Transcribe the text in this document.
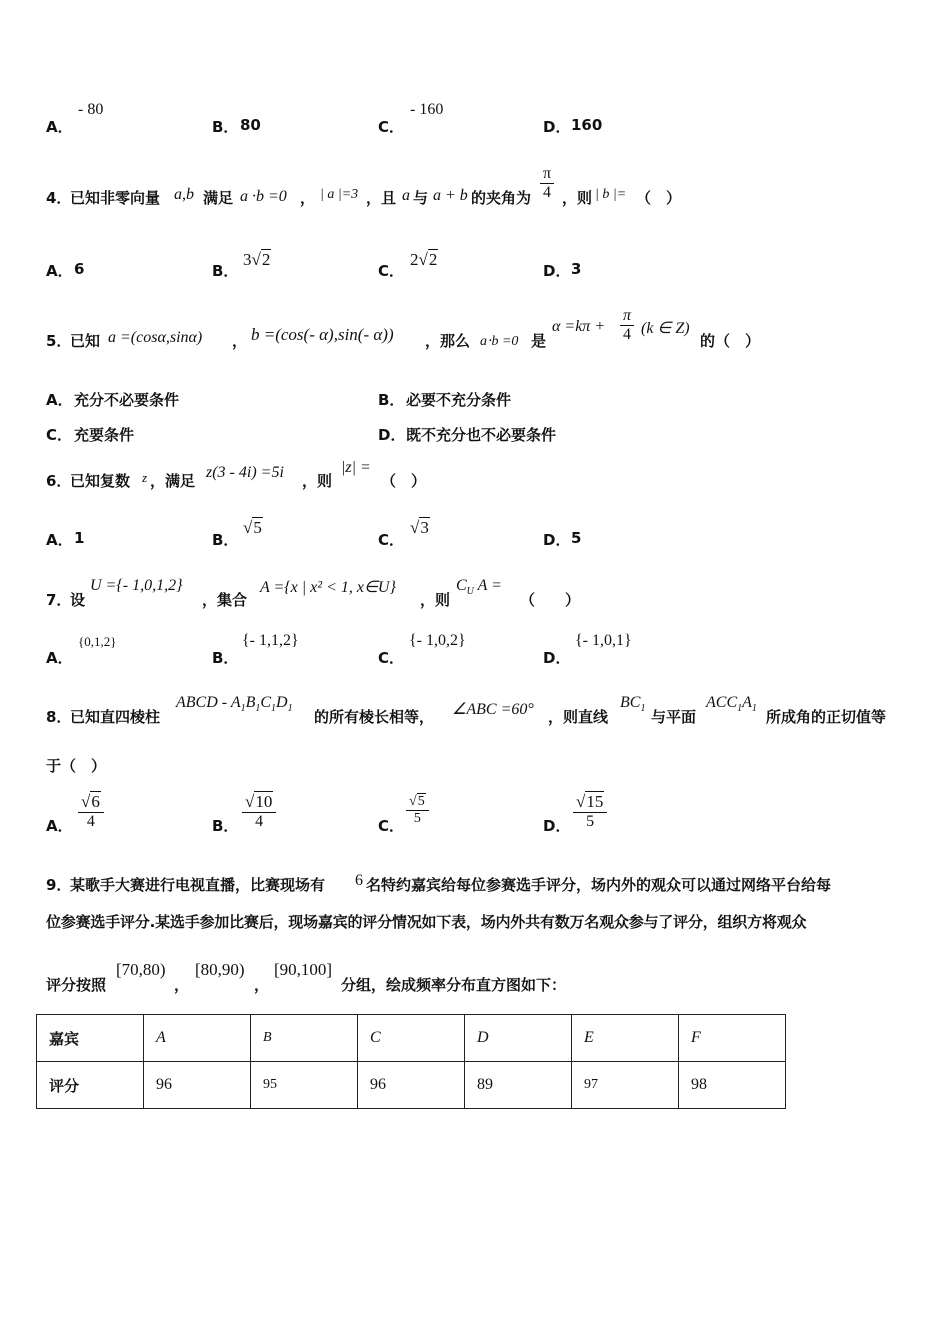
A．
- 80
B． 80	C．
- 160
D． 160
4．
已知非零向量 a,b 满足 a ·b =0 ， | a |=3 ，且 a 与 a + b 的夹角为 $\frac{\pi}{4}$ ，则 | b |= （　）
A． 6	B．
3√2
C．
2√2
D． 3
5．
已知 a =(cosα,sinα) ， b =(cos(- α),sin(- α)) ，那么 a⋅b =0 是
$\alpha =k\pi + \frac{\pi}{4} (k$ ∈ Z)
的（　）
A． 充分不必要条件	B． 必要不充分条件
C． 充要条件	D． 既不充分也不必要条件
6．
已知复数 z ，满足 z(3 - 4i) =5i ，则
|z| =
（　）
A． 1	B．
√5
C．
√3
D． 5
7．
设
U ={- 1,0,1,2}
，集合
A ={x | x² < 1, x∈U}
，则
$C_U$ A =
（　　）
A．
{0,1,2}
B．
{- 1,1,2}
C．
{- 1,0,2}
D．
{- 1,0,1}
8．
已知直四棱柱
ABCD - $A_1B_1C_1D_1$ 的所有棱长相等， ∠ABC =60° ，则直线
$BC_1$ 与平面
$ACC_1A_1$ 所成角的正切值等
于（　）
A． $\frac{√6}{4}$	B． $\frac{√10}{4}$	C． $\frac{√5}{5}$	D． $\frac{√15}{5}$
9．
某歌手大赛进行电视直播，比赛现场有 6 名特约嘉宾给每位参赛选手评分，场内外的观众可以通过网络平台给每
位参赛选手评分.某选手参加比赛后，现场嘉宾的评分情况如下表，场内外共有数万名观众参与了评分，组织方将观众
评分按照
[70,80)
，
[80,90)
，
[90,100]
分组，绘成频率分布直方图如下：
嘉宾	A	B	C	D	E	F
评分	96	95	96	89	97	98
